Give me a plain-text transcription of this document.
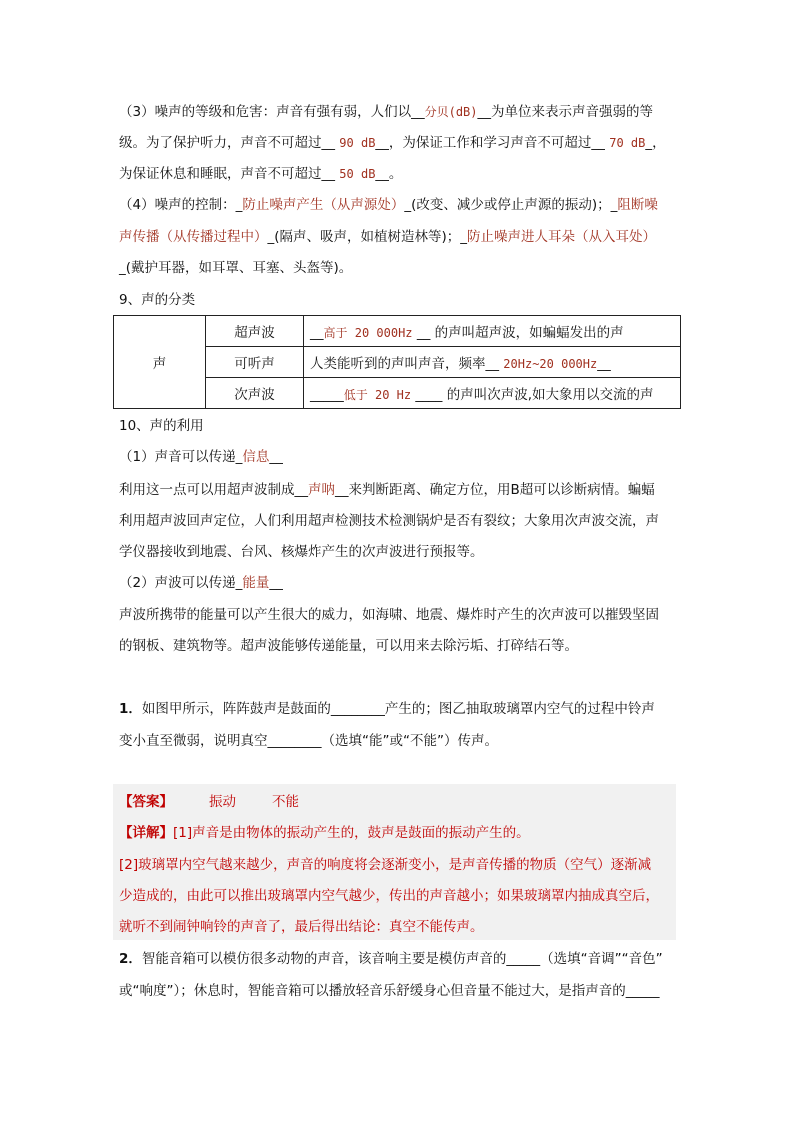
（3）噪声的等级和危害：声音有强有弱，人们以__分贝(dB)__为单位来表示声音强弱的等
级。为了保护听力，声音不可超过__ 90 dB__，为保证工作和学习声音不可超过__ 70 dB_，
为保证休息和睡眠，声音不可超过__ 50 dB__。
（4）噪声的控制：_防止噪声产生（从声源处）_(改变、减少或停止声源的振动)；_阻断噪
声传播（从传播过程中）_(隔声、吸声，如植树造林等)；_防止噪声进人耳朵（从入耳处）
_(戴护耳器，如耳罩、耳塞、头盔等)。
9、声的分类
声	超声波	__高于 20 000Hz __ 的声叫超声波，如蝙蝠发出的声
	可听声	人类能听到的声叫声音，频率__ 20Hz~20 000Hz__
	次声波	_____低于 20 Hz ____ 的声叫次声波,如大象用以交流的声
10、声的利用
（1）声音可以传递_信息__
利用这一点可以用超声波制成__声呐__来判断距离、确定方位，用B超可以诊断病情。蝙蝠
利用超声波回声定位，人们利用超声检测技术检测锅炉是否有裂纹；大象用次声波交流，声
学仪器接收到地震、台风、核爆炸产生的次声波进行预报等。
（2）声波可以传递_能量__
声波所携带的能量可以产生很大的威力，如海啸、地震、爆炸时产生的次声波可以摧毁坚固
的钢板、建筑物等。超声波能够传递能量，可以用来去除污垢、打碎结石等。
1．如图甲所示，阵阵鼓声是鼓面的________产生的；图乙抽取玻璃罩内空气的过程中铃声
变小直至微弱，说明真空________（选填“能”或“不能”）传声。
【答案】	振动	不能
【详解】[1]声音是由物体的振动产生的，鼓声是鼓面的振动产生的。
[2]玻璃罩内空气越来越少，声音的响度将会逐渐变小，是声音传播的物质（空气）逐渐减
少造成的，由此可以推出玻璃罩内空气越少，传出的声音越小；如果玻璃罩内抽成真空后，
就听不到闹钟响铃的声音了，最后得出结论：真空不能传声。
2．智能音箱可以模仿很多动物的声音，该音响主要是模仿声音的_____（选填“音调”“音色”
或“响度”）；休息时，智能音箱可以播放轻音乐舒缓身心但音量不能过大，是指声音的_____
